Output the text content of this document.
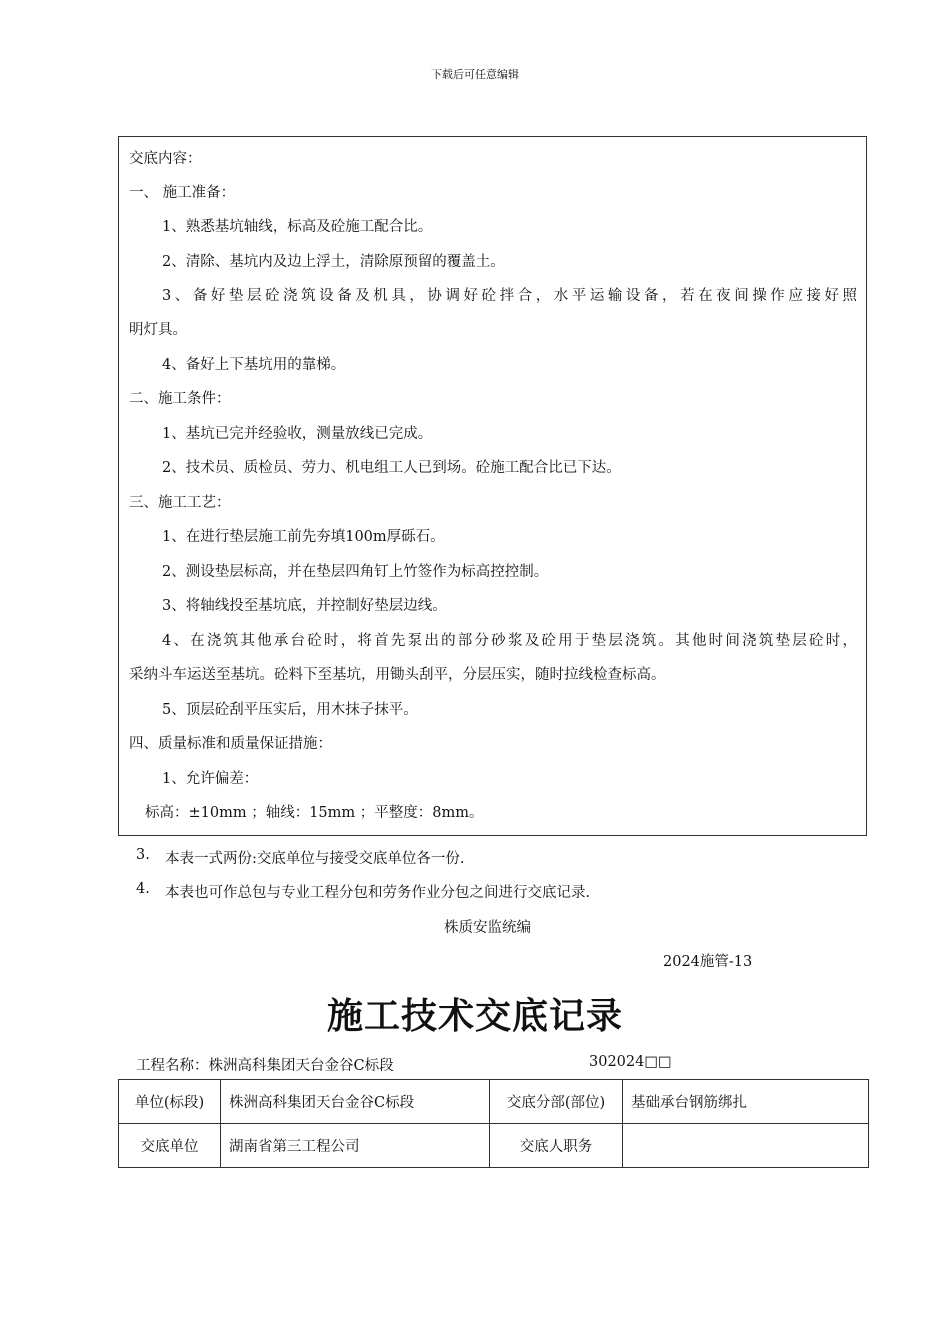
下载后可任意编辑
交底内容：
一、 施工准备：
1、熟悉基坑轴线，标高及砼施工配合比。
2、清除、基坑内及边上浮土，清除原预留的覆盖土。
3、备好垫层砼浇筑设备及机具，协调好砼拌合，水平运输设备，若在夜间操作应接好照
明灯具。
4、备好上下基坑用的靠梯。
二、施工条件：
1、基坑已完并经验收，测量放线已完成。
2、技术员、质检员、劳力、机电组工人已到场。砼施工配合比已下达。
三、施工工艺：
1、在进行垫层施工前先夯填100m厚砾石。
2、测设垫层标高，并在垫层四角钉上竹签作为标高控控制。
3、将轴线投至基坑底，并控制好垫层边线。
4、在浇筑其他承台砼时，将首先泵出的部分砂浆及砼用于垫层浇筑。其他时间浇筑垫层砼时，
采纳斗车运送至基坑。砼料下至基坑，用锄头刮平，分层压实，随时拉线检查标高。
5、顶层砼刮平压实后，用木抹子抹平。
四、质量标准和质量保证措施：
1、允许偏差：
标高：±10mm ；轴线：15mm ；平整度：8mm。
3. 本表一式两份:交底单位与接受交底单位各一份.
4. 本表也可作总包与专业工程分包和劳务作业分包之间进行交底记录.
株质安监统编
2024施管-13
施工技术交底记录
工程名称：株洲高科集团天台金谷C标段	302024□□
单位(标段)	株洲高科集团天台金谷C标段	交底分部(部位)	基础承台钢筋绑扎
交底单位	湖南省第三工程公司	交底人职务	
